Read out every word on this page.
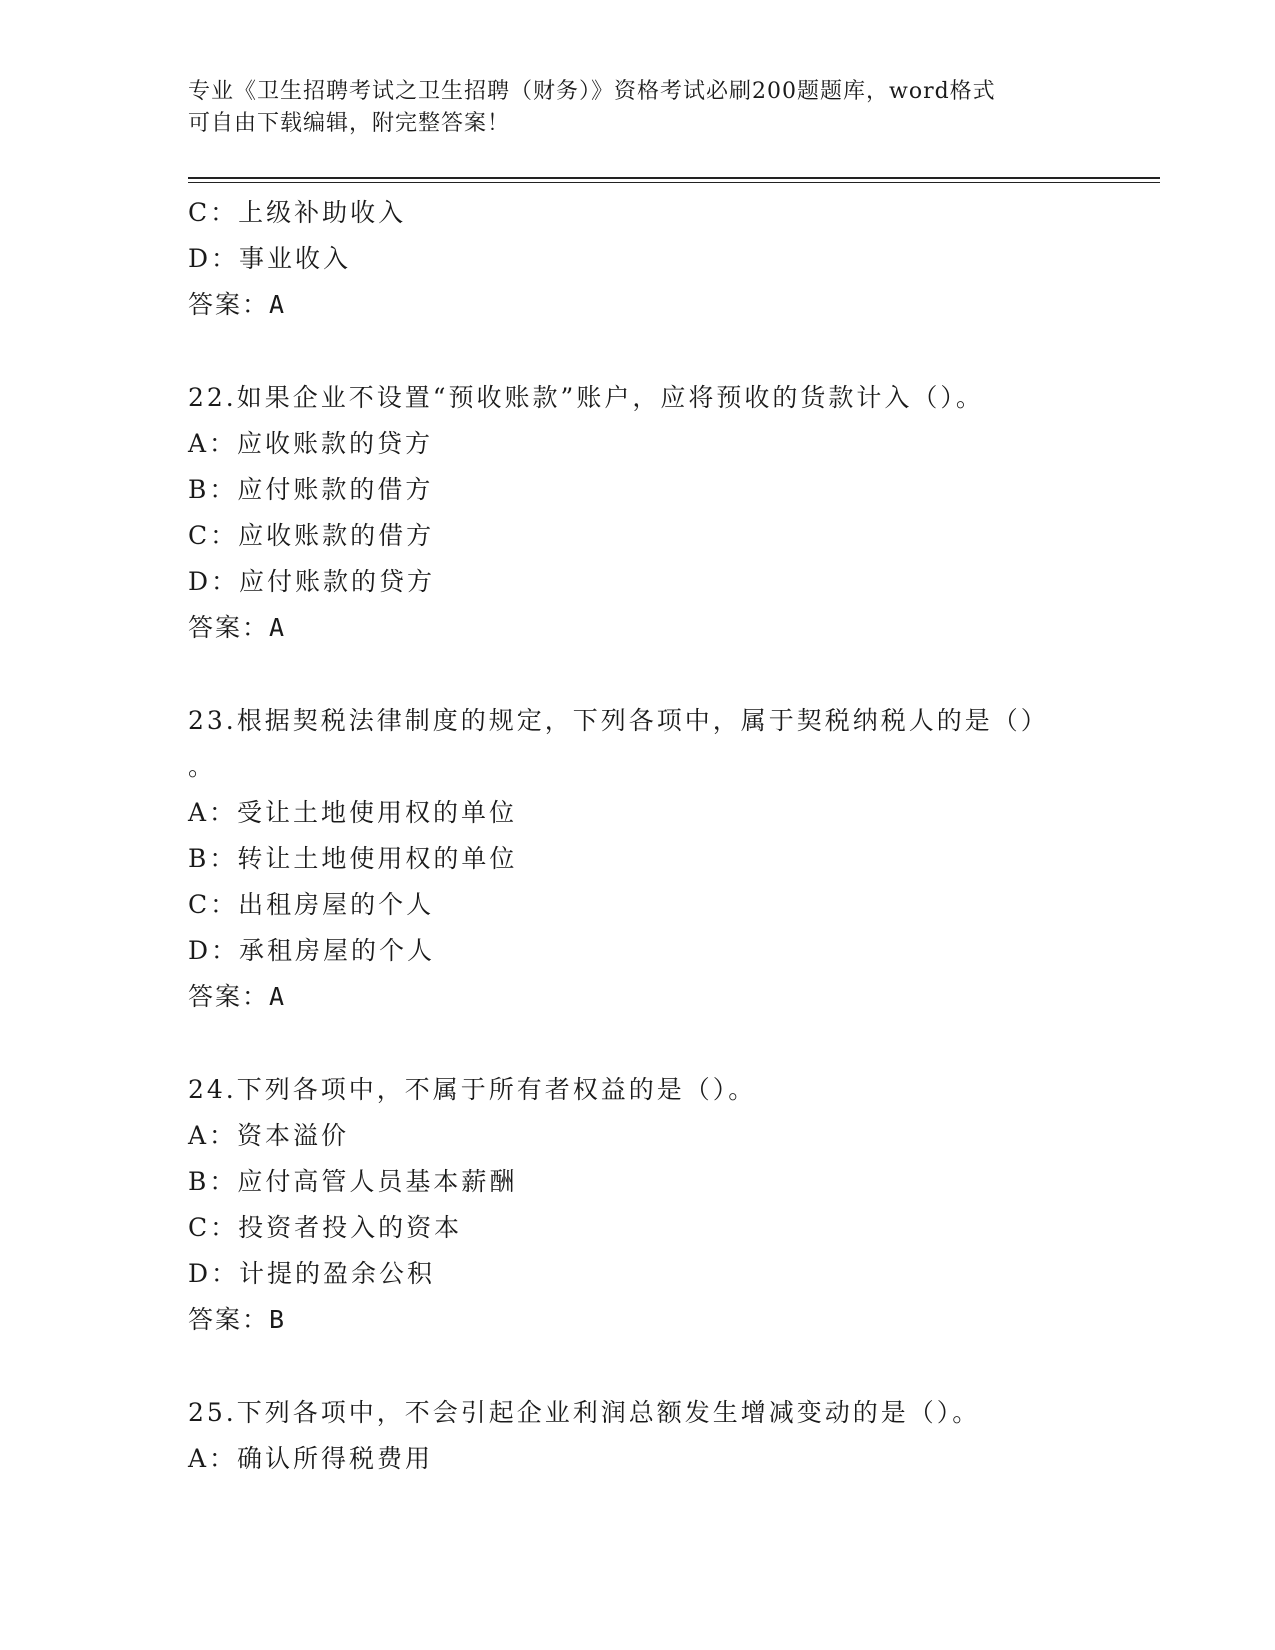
专业《卫生招聘考试之卫生招聘（财务）》资格考试必刷200题题库，word格式
可自由下载编辑，附完整答案！
C：上级补助收入
D：事业收入
答案：A
22.如果企业不设置“预收账款”账户，应将预收的货款计入（）。
A：应收账款的贷方
B：应付账款的借方
C：应收账款的借方
D：应付账款的贷方
答案：A
23.根据契税法律制度的规定，下列各项中，属于契税纳税人的是（）
。
A：受让土地使用权的单位
B：转让土地使用权的单位
C：出租房屋的个人
D：承租房屋的个人
答案：A
24.下列各项中，不属于所有者权益的是（）。
A：资本溢价
B：应付高管人员基本薪酬
C：投资者投入的资本
D：计提的盈余公积
答案：B
25.下列各项中，不会引起企业利润总额发生增减变动的是（）。
A：确认所得税费用
